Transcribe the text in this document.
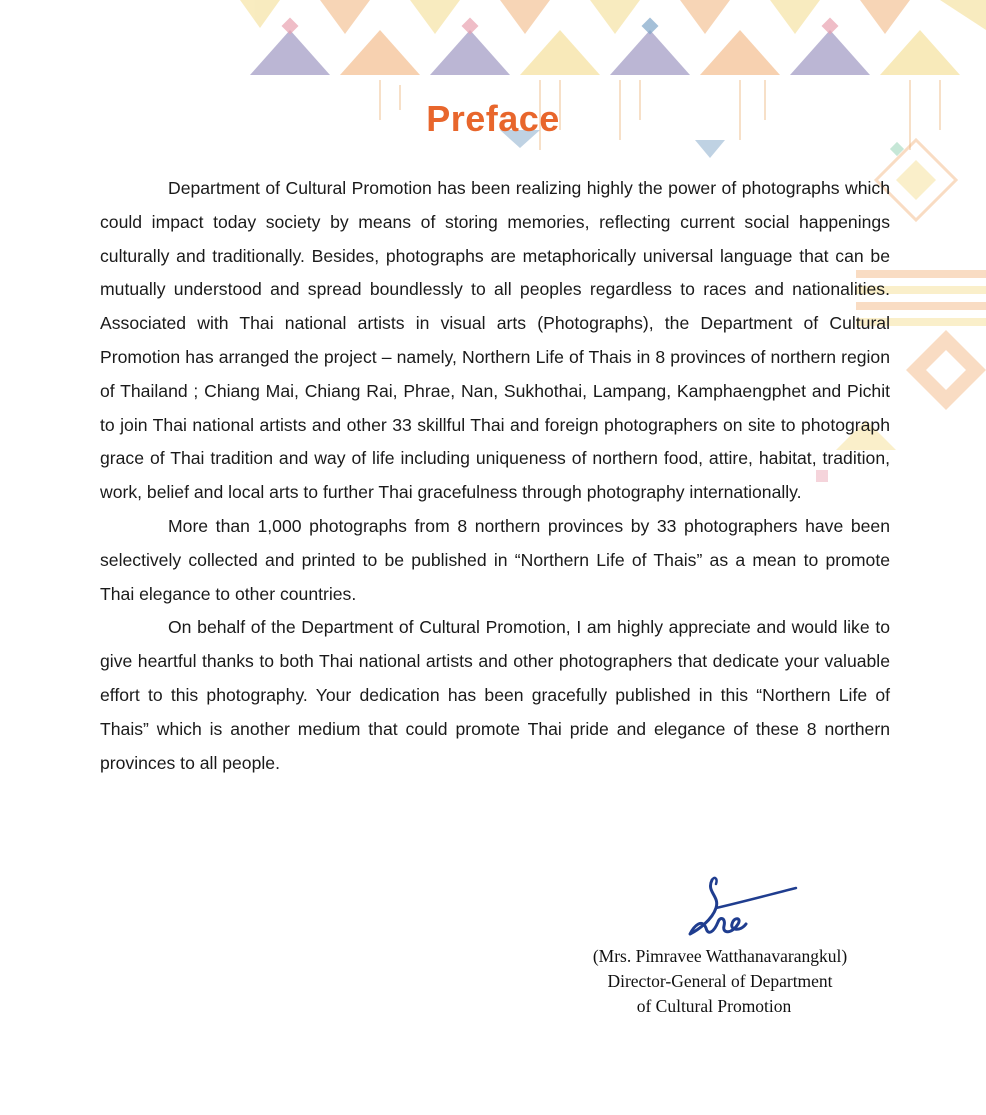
Preface

Department of Cultural Promotion has been realizing highly the power of photographs which could impact today society by means of storing memories, reflecting current social happenings culturally and traditionally. Besides, photographs are metaphorically universal language that can be mutually understood and spread boundlessly to all peoples regardless to races and nationalities. Associated with Thai national artists in visual arts (Photographs), the Department of Cultural Promotion has arranged the project – namely, Northern Life of Thais in 8 provinces of northern region of Thailand ; Chiang Mai, Chiang Rai, Phrae, Nan, Sukhothai, Lampang, Kamphaengphet and Pichit to join Thai national artists and other 33 skillful Thai and foreign photographers on site to photograph grace of Thai tradition and way of life including uniqueness of northern food, attire, habitat, tradition, work, belief and local arts to further Thai gracefulness through photography internationally.

More than 1,000 photographs from 8 northern provinces by 33 photographers have been selectively collected and printed to be published in “Northern Life of Thais” as a mean to promote Thai elegance to other countries.

On behalf of the Department of Cultural Promotion, I am highly appreciate and would like to give heartful thanks to both Thai national artists and other photographers that dedicate your valuable effort to this photography. Your dedication has been gracefully published in this “Northern Life of Thais” which is another medium that could promote Thai pride and elegance of these 8 northern provinces to all people.

(Mrs. Pimravee Watthanavarangkul)
Director-General of Department
of Cultural Promotion
